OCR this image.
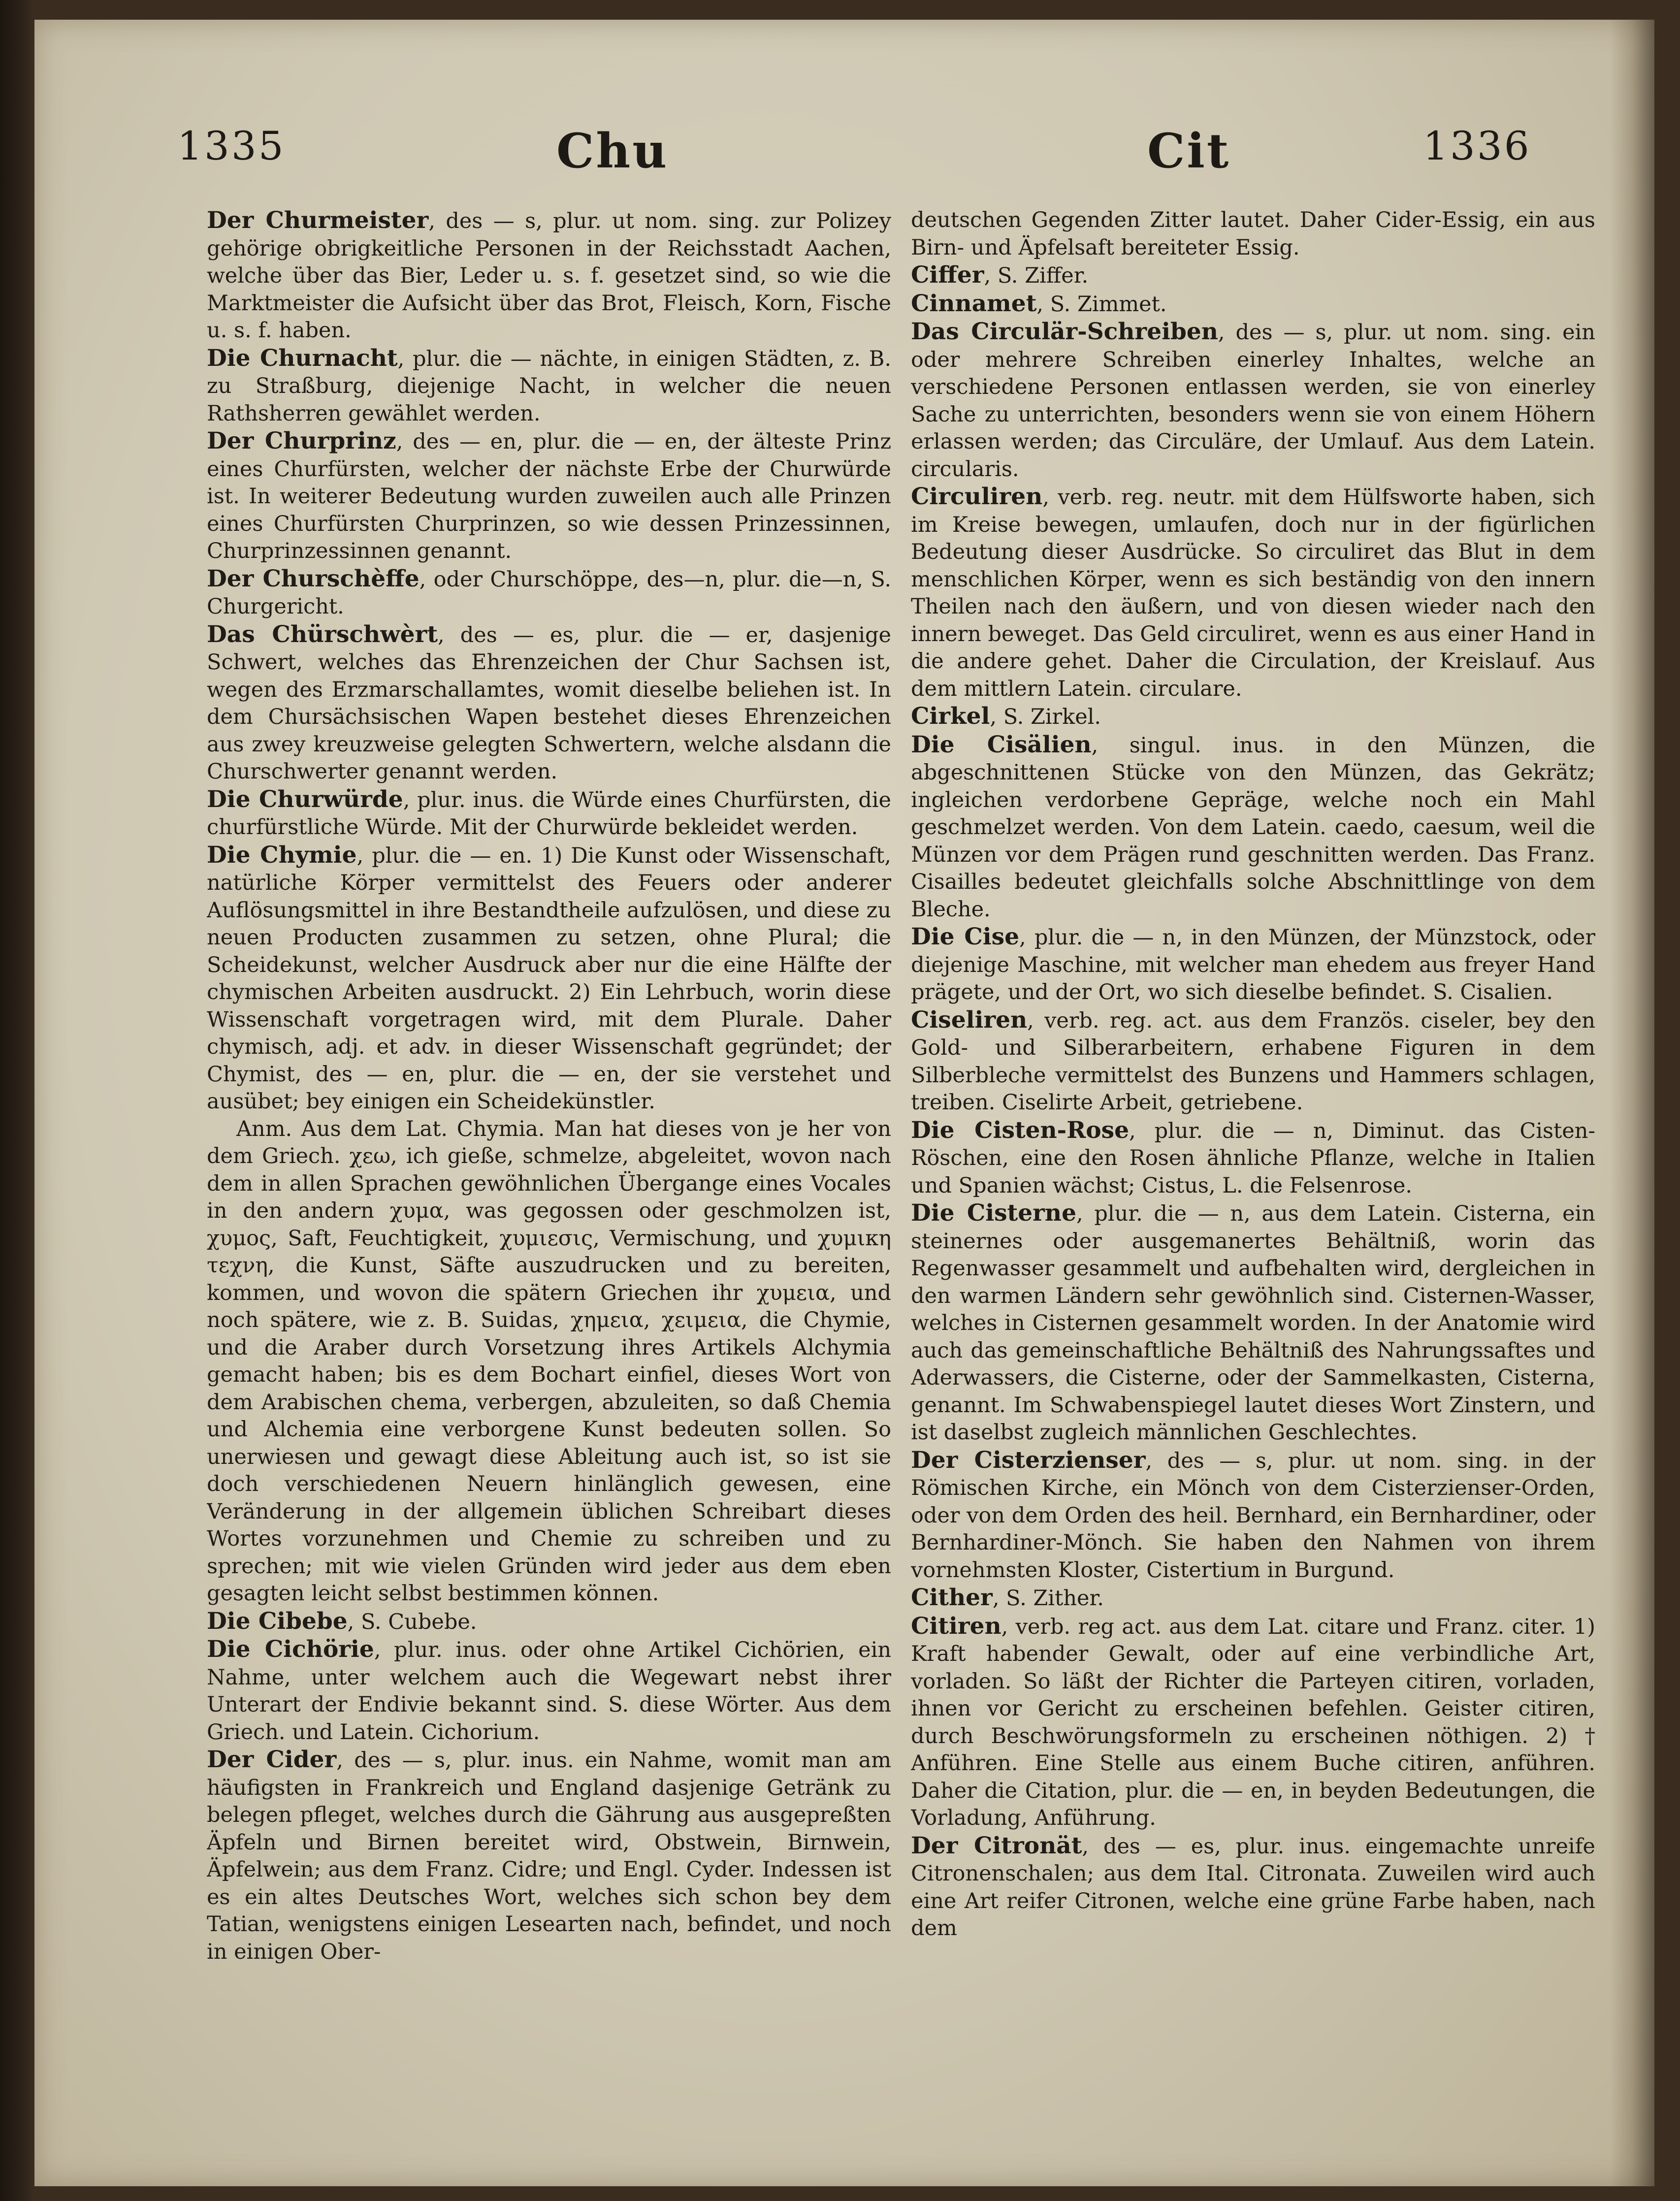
1335	Chu	Cit	1336

Der Churmeister, des — s, plur. ut nom. sing. zur Polizey gehörige obrigkeitliche Personen in der Reichsstadt Aachen, welche über das Bier, Leder u. s. f. gesetzet sind, so wie die Marktmeister die Aufsicht über das Brot, Fleisch, Korn, Fische u. s. f. haben.

Die Churnacht, plur. die — nächte, in einigen Städten, z. B. zu Straßburg, diejenige Nacht, in welcher die neuen Rathsherren gewählet werden.

Der Churprinz, des — en, plur. die — en, der älteste Prinz eines Churfürsten, welcher der nächste Erbe der Churwürde ist. In weiterer Bedeutung wurden zuweilen auch alle Prinzen eines Churfürsten Churprinzen, so wie dessen Prinzessinnen, Churprinzessinnen genannt.

Der Churschèffe, oder Churschöppe, des—n, plur. die—n, S. Churgericht.

Das Chürschwèrt, des — es, plur. die — er, dasjenige Schwert, welches das Ehrenzeichen der Chur Sachsen ist, wegen des Erzmarschallamtes, womit dieselbe beliehen ist. In dem Chursächsischen Wapen bestehet dieses Ehrenzeichen aus zwey kreuzweise gelegten Schwertern, welche alsdann die Churschwerter genannt werden.

Die Churwürde, plur. inus. die Würde eines Churfürsten, die churfürstliche Würde. Mit der Churwürde bekleidet werden.

Die Chymie, plur. die — en. 1) Die Kunst oder Wissenschaft, natürliche Körper vermittelst des Feuers oder anderer Auflösungsmittel in ihre Bestandtheile aufzulösen, und diese zu neuen Producten zusammen zu setzen, ohne Plural; die Scheidekunst, welcher Ausdruck aber nur die eine Hälfte der chymischen Arbeiten ausdruckt. 2) Ein Lehrbuch, worin diese Wissenschaft vorgetragen wird, mit dem Plurale. Daher chymisch, adj. et adv. in dieser Wissenschaft gegründet; der Chymist, des — en, plur. die — en, der sie verstehet und ausübet; bey einigen ein Scheidekünstler.

Anm. Aus dem Lat. Chymia. Man hat dieses von je her von dem Griech. χεω, ich gieße, schmelze, abgeleitet, wovon nach dem in allen Sprachen gewöhnlichen Übergange eines Vocales in den andern χυμα, was gegossen oder geschmolzen ist, χυμος, Saft, Feuchtigkeit, χυμιεσις, Vermischung, und χυμικη τεχνη, die Kunst, Säfte auszudrucken und zu bereiten, kommen, und wovon die spätern Griechen ihr χυμεια, und noch spätere, wie z. B. Suidas, χημεια, χειμεια, die Chymie, und die Araber durch Vorsetzung ihres Artikels Alchymia gemacht haben; bis es dem Bochart einfiel, dieses Wort von dem Arabischen chema, verbergen, abzuleiten, so daß Chemia und Alchemia eine verborgene Kunst bedeuten sollen. So unerwiesen und gewagt diese Ableitung auch ist, so ist sie doch verschiedenen Neuern hinlänglich gewesen, eine Veränderung in der allgemein üblichen Schreibart dieses Wortes vorzunehmen und Chemie zu schreiben und zu sprechen; mit wie vielen Gründen wird jeder aus dem eben gesagten leicht selbst bestimmen können.

Die Cibebe, S. Cubebe.

Die Cichörie, plur. inus. oder ohne Artikel Cichörien, ein Nahme, unter welchem auch die Wegewart nebst ihrer Unterart der Endivie bekannt sind. S. diese Wörter. Aus dem Griech. und Latein. Cichorium.

Der Cider, des — s, plur. inus. ein Nahme, womit man am häufigsten in Frankreich und England dasjenige Getränk zu belegen pfleget, welches durch die Gährung aus ausgepreßten Äpfeln und Birnen bereitet wird, Obstwein, Birnwein, Äpfelwein; aus dem Franz. Cidre; und Engl. Cyder. Indessen ist es ein altes Deutsches Wort, welches sich schon bey dem Tatian, wenigstens einigen Lesearten nach, befindet, und noch in einigen Ober-

deutschen Gegenden Zitter lautet. Daher Cider-Essig, ein aus Birn- und Äpfelsaft bereiteter Essig.

Ciffer, S. Ziffer.

Cinnamet, S. Zimmet.

Das Circulär-Schreiben, des — s, plur. ut nom. sing. ein oder mehrere Schreiben einerley Inhaltes, welche an verschiedene Personen entlassen werden, sie von einerley Sache zu unterrichten, besonders wenn sie von einem Höhern erlassen werden; das Circuläre, der Umlauf. Aus dem Latein. circularis.

Circuliren, verb. reg. neutr. mit dem Hülfsworte haben, sich im Kreise bewegen, umlaufen, doch nur in der figürlichen Bedeutung dieser Ausdrücke. So circuliret das Blut in dem menschlichen Körper, wenn es sich beständig von den innern Theilen nach den äußern, und von diesen wieder nach den innern beweget. Das Geld circuliret, wenn es aus einer Hand in die andere gehet. Daher die Circulation, der Kreislauf. Aus dem mittlern Latein. circulare.

Cirkel, S. Zirkel.

Die Cisälien, singul. inus. in den Münzen, die abgeschnittenen Stücke von den Münzen, das Gekrätz; ingleichen verdorbene Gepräge, welche noch ein Mahl geschmelzet werden. Von dem Latein. caedo, caesum, weil die Münzen vor dem Prägen rund geschnitten werden. Das Franz. Cisailles bedeutet gleichfalls solche Abschnittlinge von dem Bleche.

Die Cise, plur. die — n, in den Münzen, der Münzstock, oder diejenige Maschine, mit welcher man ehedem aus freyer Hand prägete, und der Ort, wo sich dieselbe befindet. S. Cisalien.

Ciseliren, verb. reg. act. aus dem Französ. ciseler, bey den Gold- und Silberarbeitern, erhabene Figuren in dem Silberbleche vermittelst des Bunzens und Hammers schlagen, treiben. Ciselirte Arbeit, getriebene.

Die Cisten-Rose, plur. die — n, Diminut. das Cisten-Röschen, eine den Rosen ähnliche Pflanze, welche in Italien und Spanien wächst; Cistus, L. die Felsenrose.

Die Cisterne, plur. die — n, aus dem Latein. Cisterna, ein steinernes oder ausgemanertes Behältniß, worin das Regenwasser gesammelt und aufbehalten wird, dergleichen in den warmen Ländern sehr gewöhnlich sind. Cisternen-Wasser, welches in Cisternen gesammelt worden. In der Anatomie wird auch das gemeinschaftliche Behältniß des Nahrungssaftes und Aderwassers, die Cisterne, oder der Sammelkasten, Cisterna, genannt. Im Schwabenspiegel lautet dieses Wort Zinstern, und ist daselbst zugleich männlichen Geschlechtes.

Der Cisterzienser, des — s, plur. ut nom. sing. in der Römischen Kirche, ein Mönch von dem Cisterzienser-Orden, oder von dem Orden des heil. Bernhard, ein Bernhardiner, oder Bernhardiner-Mönch. Sie haben den Nahmen von ihrem vornehmsten Kloster, Cistertium in Burgund.

Cither, S. Zither.

Citiren, verb. reg act. aus dem Lat. citare und Franz. citer. 1) Kraft habender Gewalt, oder auf eine verbindliche Art, vorladen. So läßt der Richter die Parteyen citiren, vorladen, ihnen vor Gericht zu erscheinen befehlen. Geister citiren, durch Beschwörungsformeln zu erscheinen nöthigen. 2) † Anführen. Eine Stelle aus einem Buche citiren, anführen. Daher die Citation, plur. die — en, in beyden Bedeutungen, die Vorladung, Anführung.

Der Citronät, des — es, plur. inus. eingemachte unreife Citronenschalen; aus dem Ital. Citronata. Zuweilen wird auch eine Art reifer Citronen, welche eine grüne Farbe haben, nach dem
